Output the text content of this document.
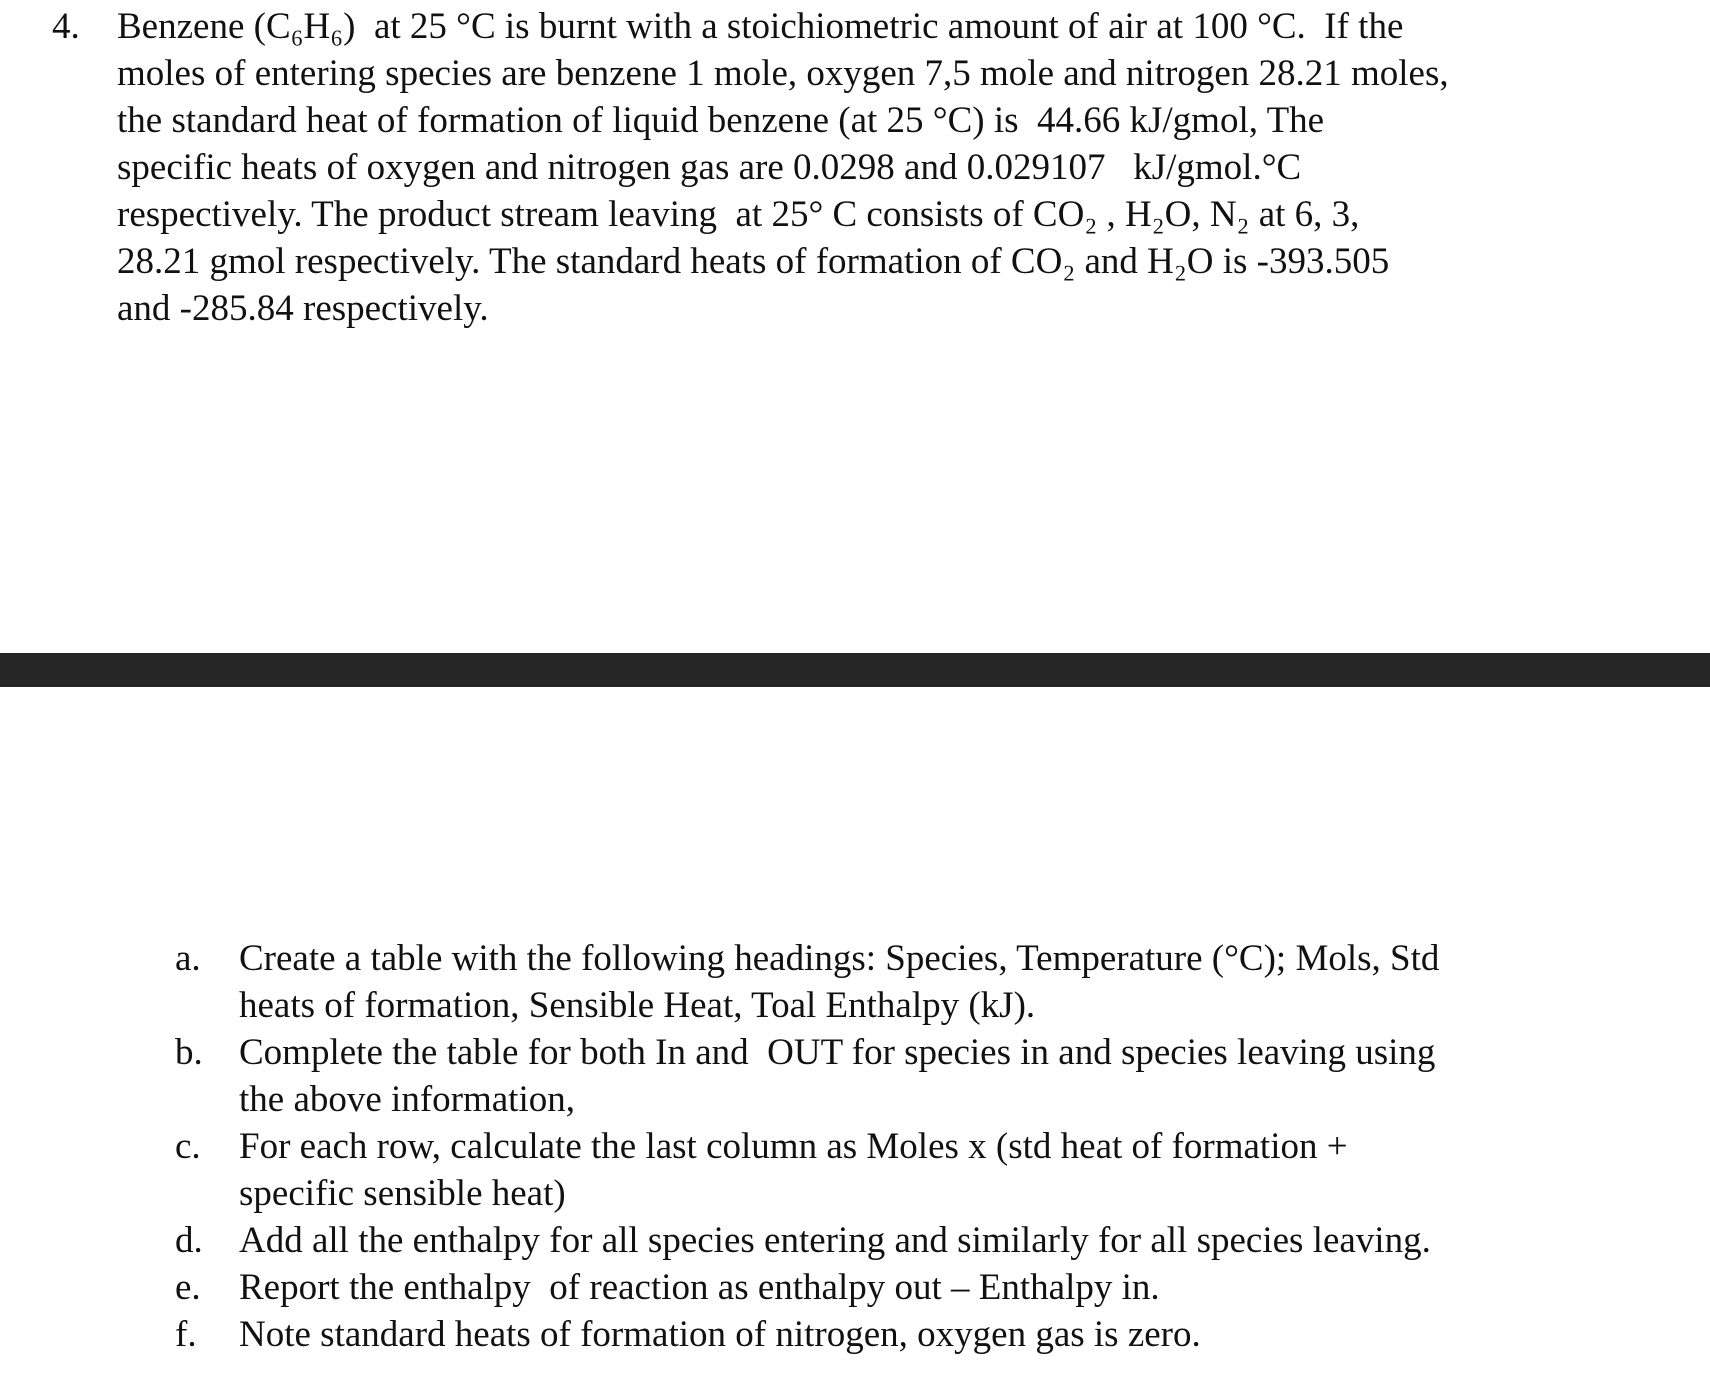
4. Benzene (C₆H₆)  at 25 °C is burnt with a stoichiometric amount of air at 100 °C.  If the
moles of entering species are benzene 1 mole, oxygen 7,5 mole and nitrogen 28.21 moles,
the standard heat of formation of liquid benzene (at 25 °C) is  44.66 kJ/gmol, The
specific heats of oxygen and nitrogen gas are 0.0298 and 0.029107   kJ/gmol.°C
respectively. The product stream leaving  at 25° C consists of CO₂ , H₂O, N₂ at 6, 3,
28.21 gmol respectively. The standard heats of formation of CO₂ and H₂O is -393.505
and -285.84 respectively.
a. Create a table with the following headings: Species, Temperature (°C); Mols, Std
heats of formation, Sensible Heat, Toal Enthalpy (kJ).
b. Complete the table for both In and  OUT for species in and species leaving using
the above information,
c. For each row, calculate the last column as Moles x (std heat of formation +
specific sensible heat)
d. Add all the enthalpy for all species entering and similarly for all species leaving.
e. Report the enthalpy  of reaction as enthalpy out – Enthalpy in.
f. Note standard heats of formation of nitrogen, oxygen gas is zero.
